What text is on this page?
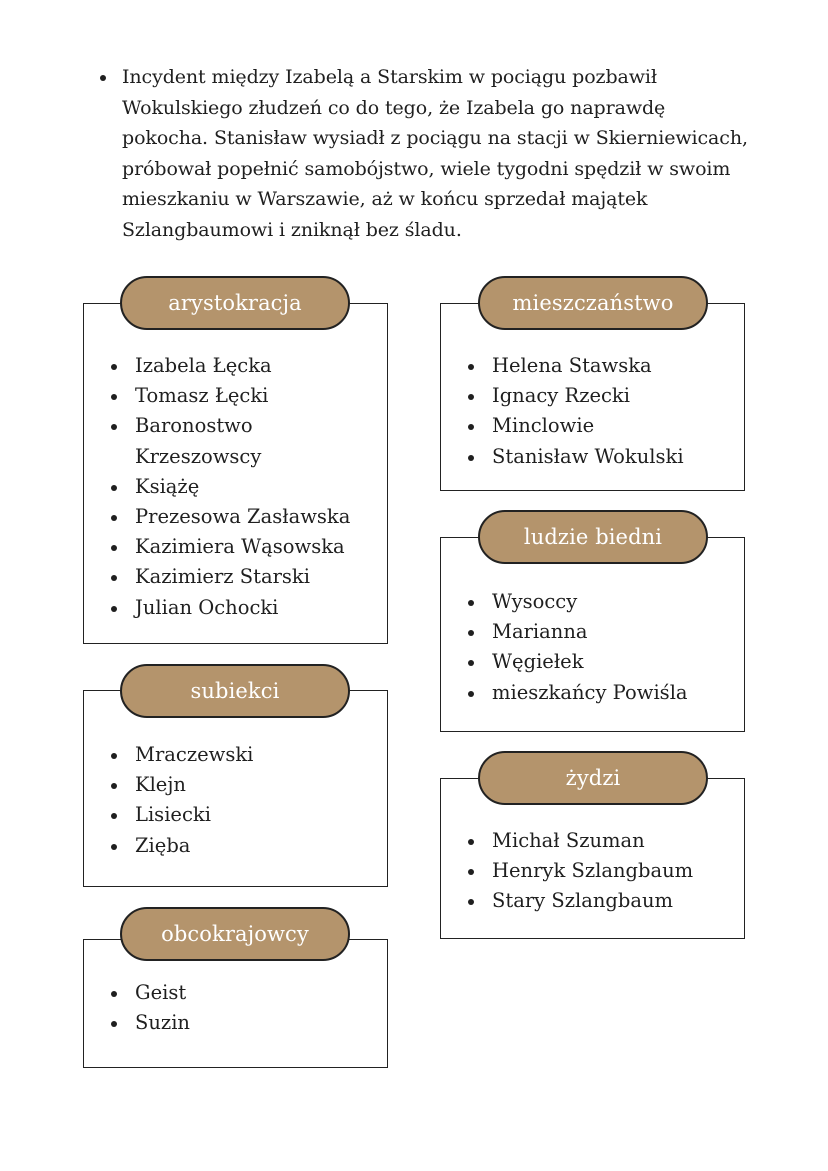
Incydent między Izabelą a Starskim w pociągu pozbawił Wokulskiego złudzeń co do tego, że Izabela go naprawdę pokocha. Stanisław wysiadł z pociągu na stacji w Skierniewicach, próbował popełnić samobójstwo, wiele tygodni spędził w swoim mieszkaniu w Warszawie, aż w końcu sprzedał majątek Szlangbaumowi i zniknął bez śladu.
arystokracja
Izabela Łęcka
Tomasz Łęcki
Baronostwo Krzeszowscy
Książę
Prezesowa Zasławska
Kazimiera Wąsowska
Kazimierz Starski
Julian Ochocki
mieszczaństwo
Helena Stawska
Ignacy Rzecki
Minclowie
Stanisław Wokulski
ludzie biedni
Wysoccy
Marianna
Węgiełek
mieszkańcy Powiśla
subiekci
Mraczewski
Klejn
Lisiecki
Zięba
żydzi
Michał Szuman
Henryk Szlangbaum
Stary Szlangbaum
obcokrajowcy
Geist
Suzin
